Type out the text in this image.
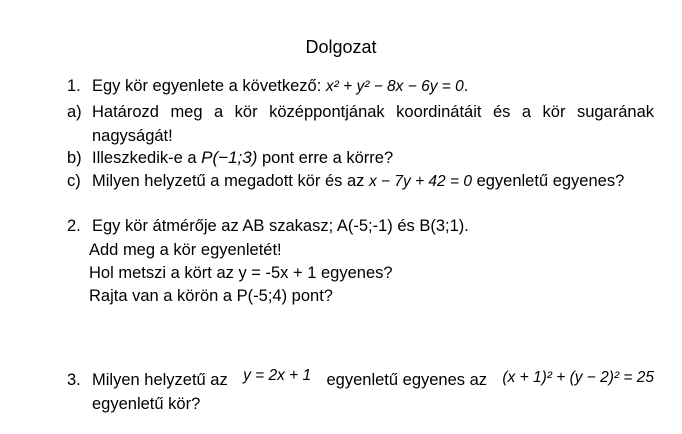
Dolgozat
1. Egy kör egyenlete a következő: x² + y² − 8x − 6y = 0.
a) Határozd meg a kör középpontjának koordinátáit és a kör sugarának
nagyságát!
b) Illeszkedik-e a P(−1;3) pont erre a körre?
c) Milyen helyzetű a megadott kör és az x − 7y + 42 = 0 egyenletű egyenes?
2. Egy kör átmérője az AB szakasz; A(-5;-1) és B(3;1).
Add meg a kör egyenletét!
Hol metszi a kört az y = -5x + 1 egyenes?
Rajta van a körön a P(-5;4) pont?
3. Milyen helyzetű az y = 2x + 1 egyenletű egyenes az (x + 1)² + (y − 2)² = 25
egyenletű kör?
